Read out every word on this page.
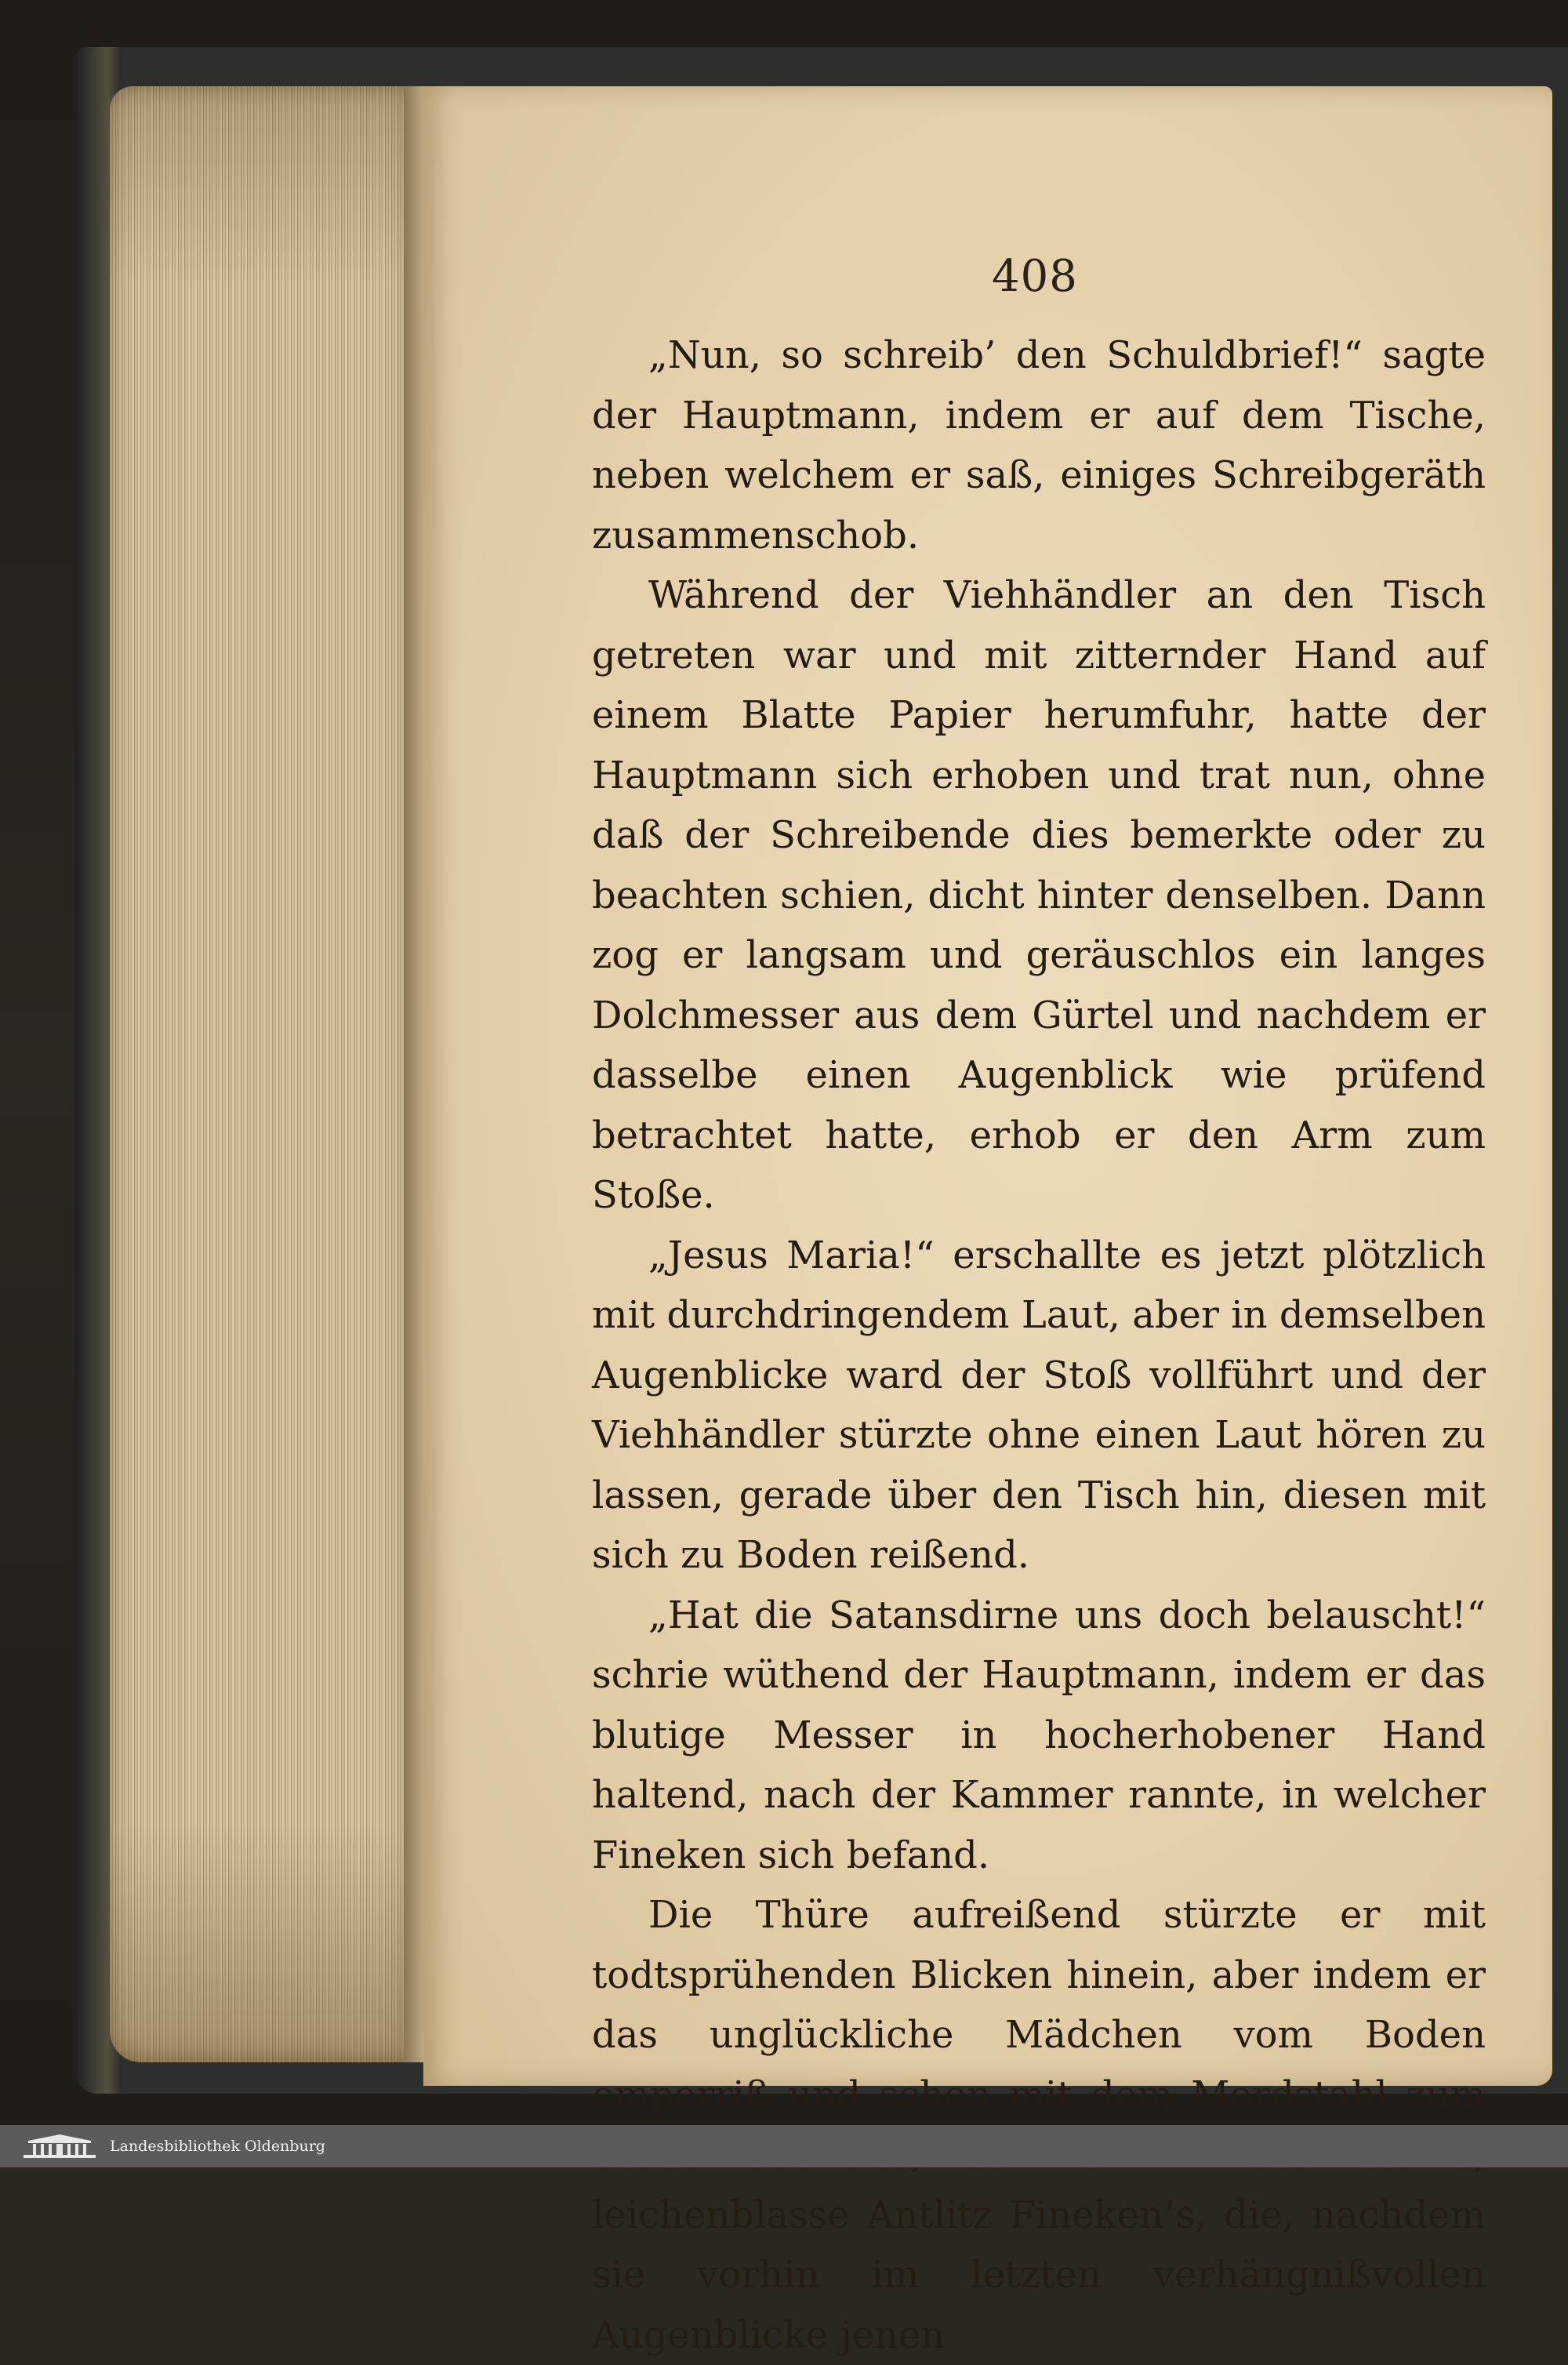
408

„Nun, so schreib’ den Schuldbrief!“ sagte der Hauptmann, indem er auf dem Tische, neben welchem er saß, einiges Schreibgeräth zusammenschob.

Während der Viehhändler an den Tisch getreten war und mit zitternder Hand auf einem Blatte Papier herumfuhr, hatte der Hauptmann sich erhoben und trat nun, ohne daß der Schreibende dies bemerkte oder zu beachten schien, dicht hinter denselben. Dann zog er langsam und geräuschlos ein langes Dolchmesser aus dem Gürtel und nachdem er dasselbe einen Augenblick wie prüfend betrachtet hatte, erhob er den Arm zum Stoße.

„Jesus Maria!“ erschallte es jetzt plötzlich mit durchdringendem Laut, aber in demselben Augenblicke ward der Stoß vollführt und der Viehhändler stürzte ohne einen Laut hören zu lassen, gerade über den Tisch hin, diesen mit sich zu Boden reißend.

„Hat die Satansdirne uns doch belauscht!“ schrie wüthend der Hauptmann, indem er das blutige Messer in hocherhobener Hand haltend, nach der Kammer rannte, in welcher Fineken sich befand.

Die Thüre aufreißend stürzte er mit todtsprühenden Blicken hinein, aber indem er das unglückliche Mädchen vom Boden emporriß und schon mit dem Mordstahl zum leichenblasse Antlitz Fineken’s, die, nachdem sie vorhin im letzten verhängnißvollen Augenblicke jenen

Landesbibliothek Oldenburg
